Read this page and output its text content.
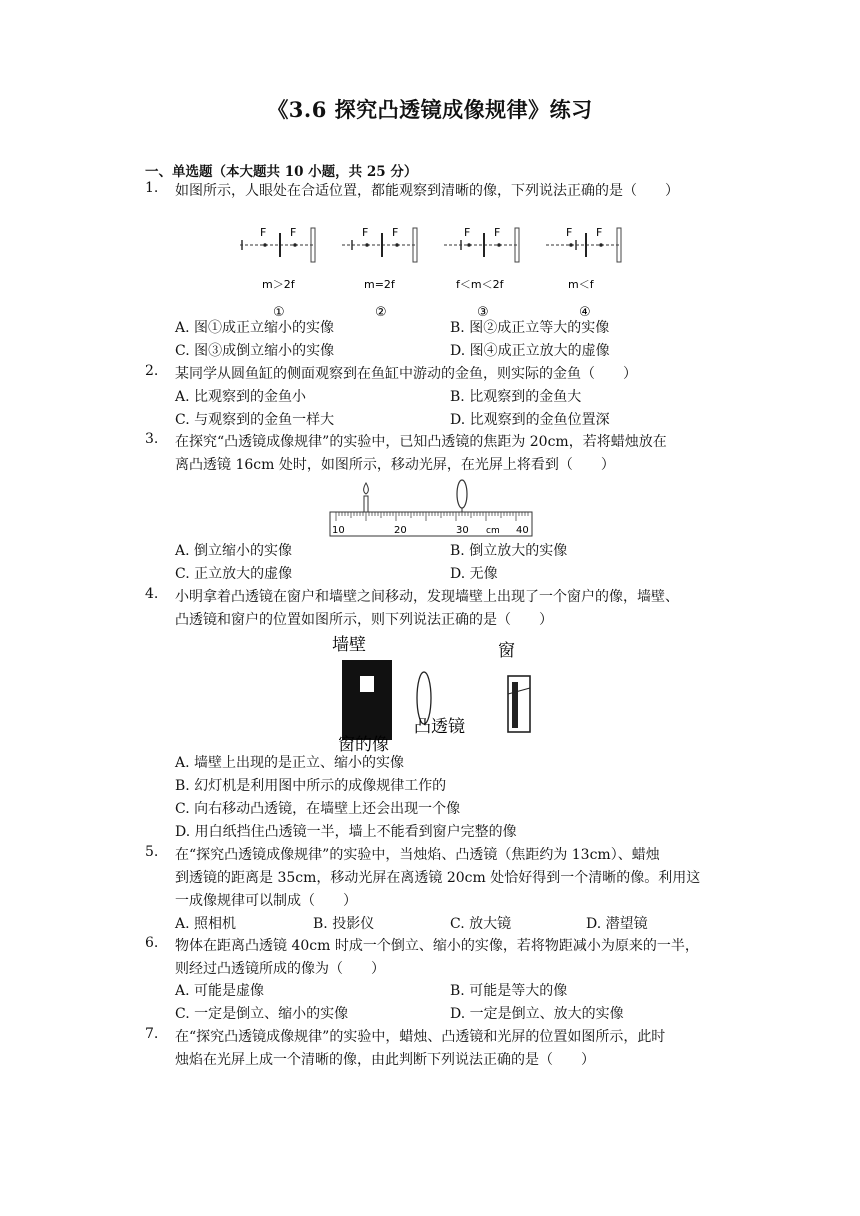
《3.6 探究凸透镜成像规律》练习
一、单选题（本大题共 10 小题，共 25 分）
1. 如图所示，人眼处在合适位置，都能观察到清晰的像，下列说法正确的是（　　）
F F
m＞2f
①
F F
m=2f
②
F F
f＜m＜2f
③
F F
m＜f
④
A. 图①成正立缩小的实像	B. 图②成正立等大的实像
C. 图③成倒立缩小的实像	D. 图④成正立放大的虚像
2. 某同学从圆鱼缸的侧面观察到在鱼缸中游动的金鱼，则实际的金鱼（　　）
A. 比观察到的金鱼小	B. 比观察到的金鱼大
C. 与观察到的金鱼一样大	D. 比观察到的金鱼位置深
3. 在探究“凸透镜成像规律”的实验中，已知凸透镜的焦距为 20cm，若将蜡烛放在
离凸透镜 16cm 处时，如图所示，移动光屏，在光屏上将看到（　　）
10	20	30 cm 40
A. 倒立缩小的实像	B. 倒立放大的实像
C. 正立放大的虚像	D. 无像
4. 小明拿着凸透镜在窗户和墙壁之间移动，发现墙壁上出现了一个窗户的像，墙壁、
凸透镜和窗户的位置如图所示，则下列说法正确的是（　　）
墙壁	窗
凸透镜
窗的像
A. 墙壁上出现的是正立、缩小的实像
B. 幻灯机是利用图中所示的成像规律工作的
C. 向右移动凸透镜，在墙壁上还会出现一个像
D. 用白纸挡住凸透镜一半，墙上不能看到窗户完整的像
5. 在“探究凸透镜成像规律”的实验中，当烛焰、凸透镜（焦距约为 13cm）、蜡烛
到透镜的距离是 35cm，移动光屏在离透镜 20cm 处恰好得到一个清晰的像。利用这
一成像规律可以制成（　　）
A. 照相机	B. 投影仪	C. 放大镜	D. 潜望镜
6. 物体在距离凸透镜 40cm 时成一个倒立、缩小的实像，若将物距减小为原来的一半，
则经过凸透镜所成的像为（　　）
A. 可能是虚像	B. 可能是等大的像
C. 一定是倒立、缩小的实像	D. 一定是倒立、放大的实像
7. 在“探究凸透镜成像规律”的实验中，蜡烛、凸透镜和光屏的位置如图所示，此时
烛焰在光屏上成一个清晰的像，由此判断下列说法正确的是（　　）
